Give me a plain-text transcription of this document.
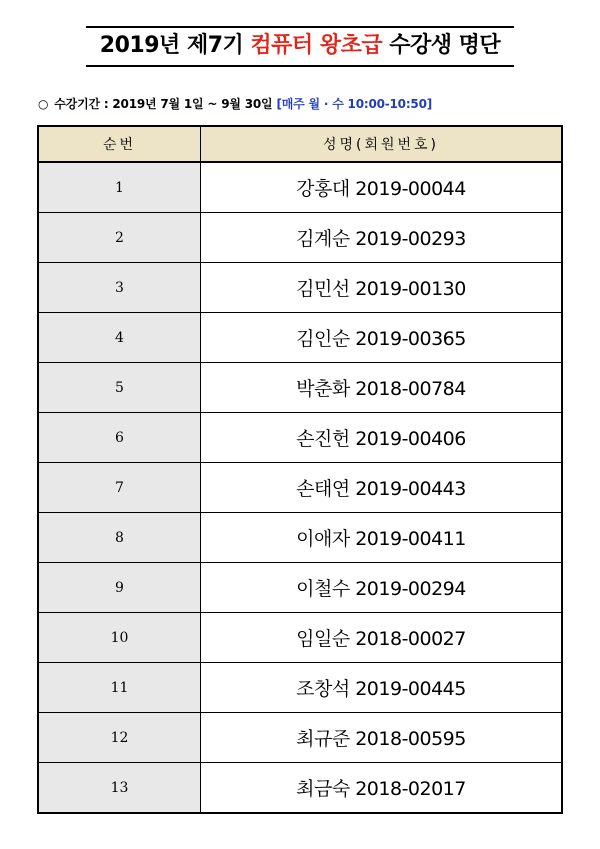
2019년 제7기 컴퓨터 왕초급 수강생 명단
○ 수강기간 : 2019년 7월 1일 ~ 9월 30일 [매주 월 · 수 10:00-10:50]
순번	성명(회원번호)
1	강홍대 2019-00044
2	김계순 2019-00293
3	김민선 2019-00130
4	김인순 2019-00365
5	박춘화 2018-00784
6	손진헌 2019-00406
7	손태연 2019-00443
8	이애자 2019-00411
9	이철수 2019-00294
10	임일순 2018-00027
11	조창석 2019-00445
12	최규준 2018-00595
13	최금숙 2018-02017
